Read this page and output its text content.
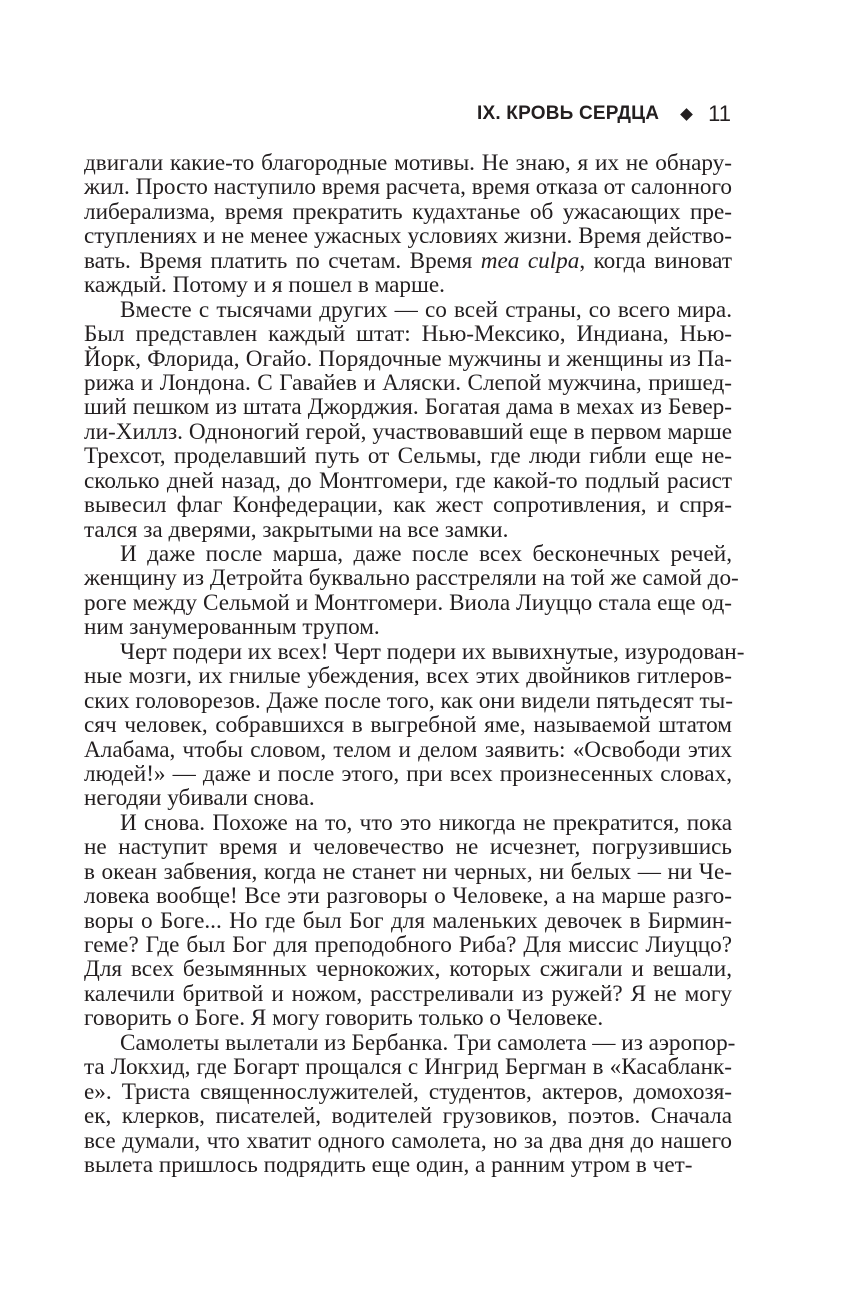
IX. КРОВЬ СЕРДЦА 11
двигали какие-то благородные мотивы. Не знаю, я их не обнару-
жил. Просто наступило время расчета, время отказа от салонного
либерализма, время прекратить кудахтанье об ужасающих пре-
ступлениях и не менее ужасных условиях жизни. Время действо-
вать. Время платить по счетам. Время mea culpa, когда виноват
каждый. Потому и я пошел в марше.
Вместе с тысячами других — со всей страны, со всего мира.
Был представлен каждый штат: Нью-Мексико, Индиана, Нью-
Йорк, Флорида, Огайо. Порядочные мужчины и женщины из Па-
рижа и Лондона. С Гавайев и Аляски. Слепой мужчина, пришед-
ший пешком из штата Джорджия. Богатая дама в мехах из Бевер-
ли-Хиллз. Одноногий герой, участвовавший еще в первом марше
Трехсот, проделавший путь от Сельмы, где люди гибли еще не-
сколько дней назад, до Монтгомери, где какой-то подлый расист
вывесил флаг Конфедерации, как жест сопротивления, и спря-
тался за дверями, закрытыми на все замки.
И даже после марша, даже после всех бесконечных речей,
женщину из Детройта буквально расстреляли на той же самой до-
роге между Сельмой и Монтгомери. Виола Лиуццо стала еще од-
ним занумерованным трупом.
Черт подери их всех! Черт подери их вывихнутые, изуродован-
ные мозги, их гнилые убеждения, всех этих двойников гитлеров-
ских головорезов. Даже после того, как они видели пятьдесят ты-
сяч человек, собравшихся в выгребной яме, называемой штатом
Алабама, чтобы словом, телом и делом заявить: «Освободи этих
людей!» — даже и после этого, при всех произнесенных словах,
негодяи убивали снова.
И снова. Похоже на то, что это никогда не прекратится, пока
не наступит время и человечество не исчезнет, погрузившись
в океан забвения, когда не станет ни черных, ни белых — ни Че-
ловека вообще! Все эти разговоры о Человеке, а на марше разго-
воры о Боге... Но где был Бог для маленьких девочек в Бирмин-
геме? Где был Бог для преподобного Риба? Для миссис Лиуццо?
Для всех безымянных чернокожих, которых сжигали и вешали,
калечили бритвой и ножом, расстреливали из ружей? Я не могу
говорить о Боге. Я могу говорить только о Человеке.
Самолеты вылетали из Бербанка. Три самолета — из аэропор-
та Локхид, где Богарт прощался с Ингрид Бергман в «Касабланк-
е». Триста священнослужителей, студентов, актеров, домохозя-
ек, клерков, писателей, водителей грузовиков, поэтов. Сначала
все думали, что хватит одного самолета, но за два дня до нашего
вылета пришлось подрядить еще один, а ранним утром в чет-
